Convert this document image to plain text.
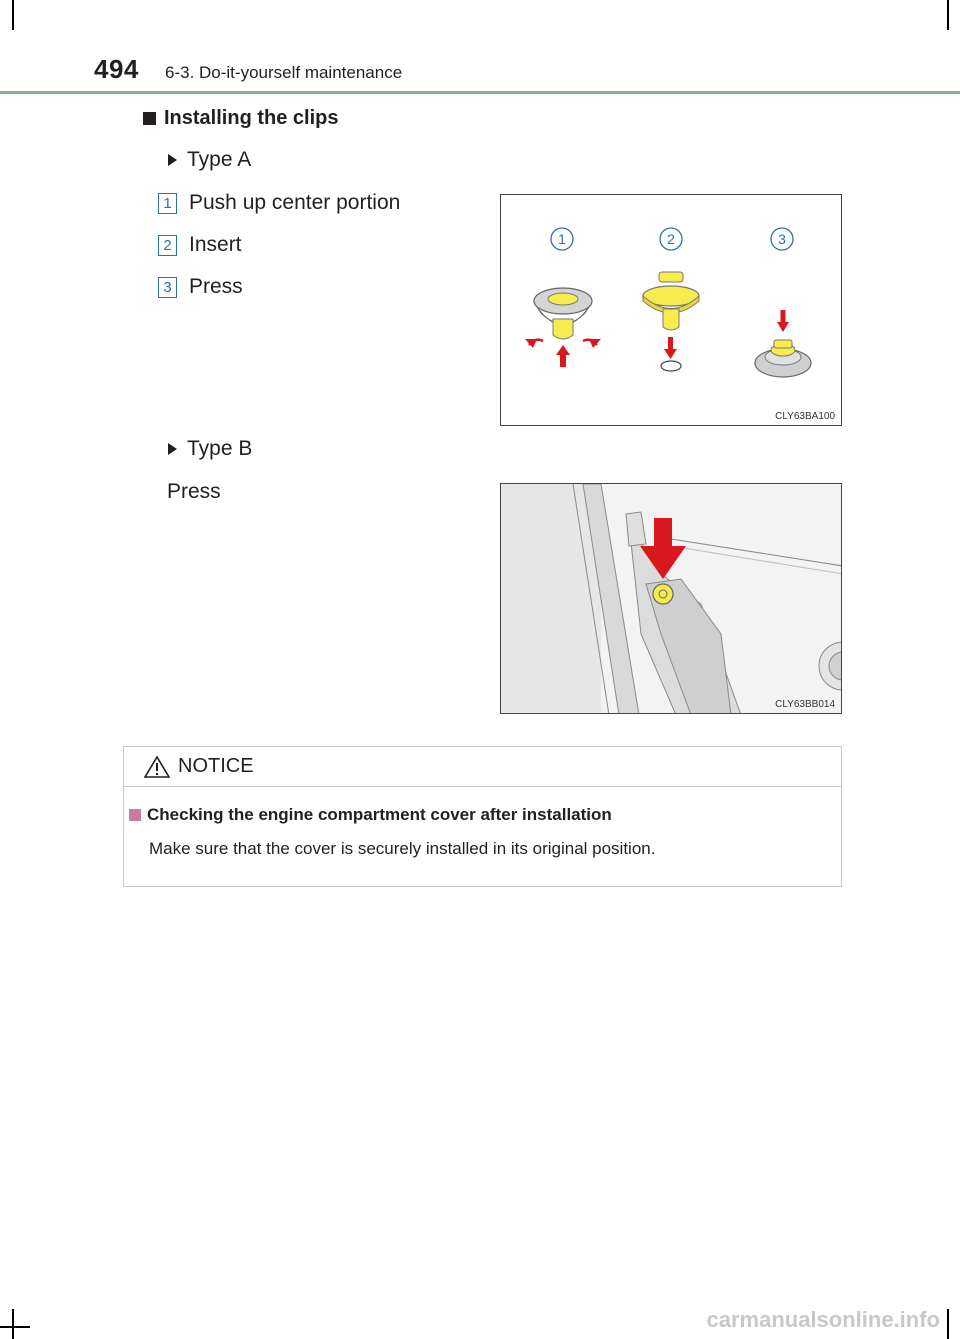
494 6-3. Do-it-yourself maintenance
Installing the clips
Type A
1 Push up center portion
2 Insert
3 Press
1	2	3
CLY63BA100
Type B
Press
CLY63BB014
NOTICE
Checking the engine compartment cover after installation
Make sure that the cover is securely installed in its original position.
carmanualsonline.info
